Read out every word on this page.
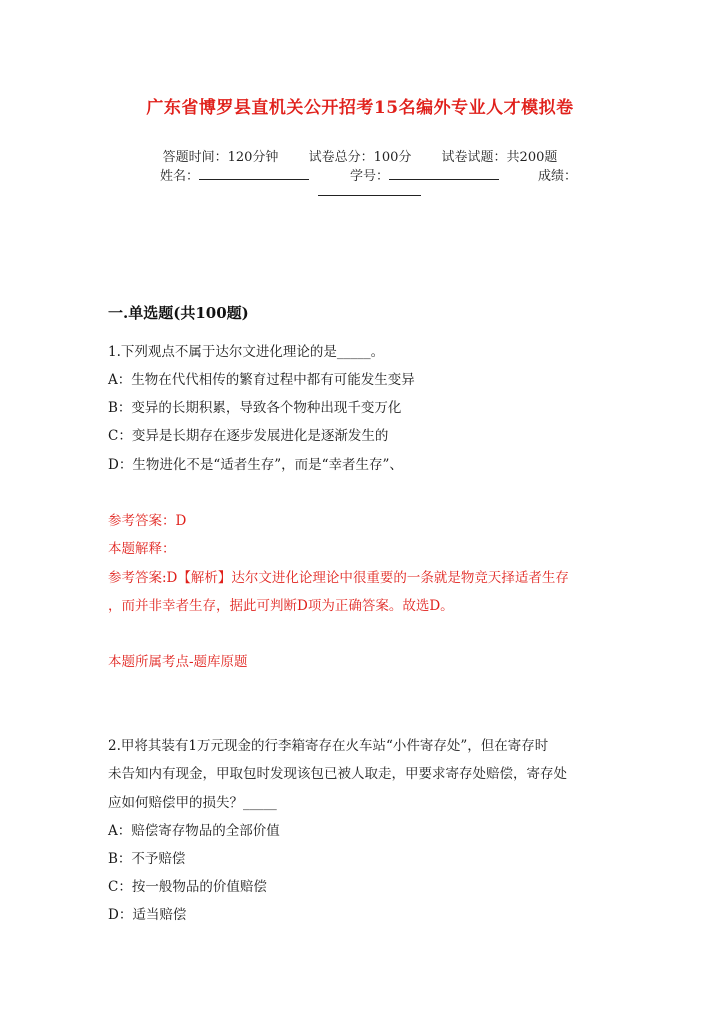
广东省博罗县直机关公开招考15名编外专业人才模拟卷
答题时间：120分钟 试卷总分：100分 试卷试题：共200题
姓名：	学号：	成绩：
一.单选题(共100题)
1.下列观点不属于达尔文进化理论的是_____。
A：生物在代代相传的繁育过程中都有可能发生变异
B：变异的长期积累，导致各个物种出现千变万化
C：变异是长期存在逐步发展进化是逐渐发生的
D：生物进化不是“适者生存”，而是“幸者生存”、
参考答案：D
本题解释：
参考答案:D【解析】达尔文进化论理论中很重要的一条就是物竞天择适者生存
，而并非幸者生存，据此可判断D项为正确答案。故选D。
本题所属考点-题库原题
2.甲将其装有1万元现金的行李箱寄存在火车站“小件寄存处”，但在寄存时
未告知内有现金，甲取包时发现该包已被人取走，甲要求寄存处赔偿，寄存处
应如何赔偿甲的损失？_____
A：赔偿寄存物品的全部价值
B：不予赔偿
C：按一般物品的价值赔偿
D：适当赔偿
